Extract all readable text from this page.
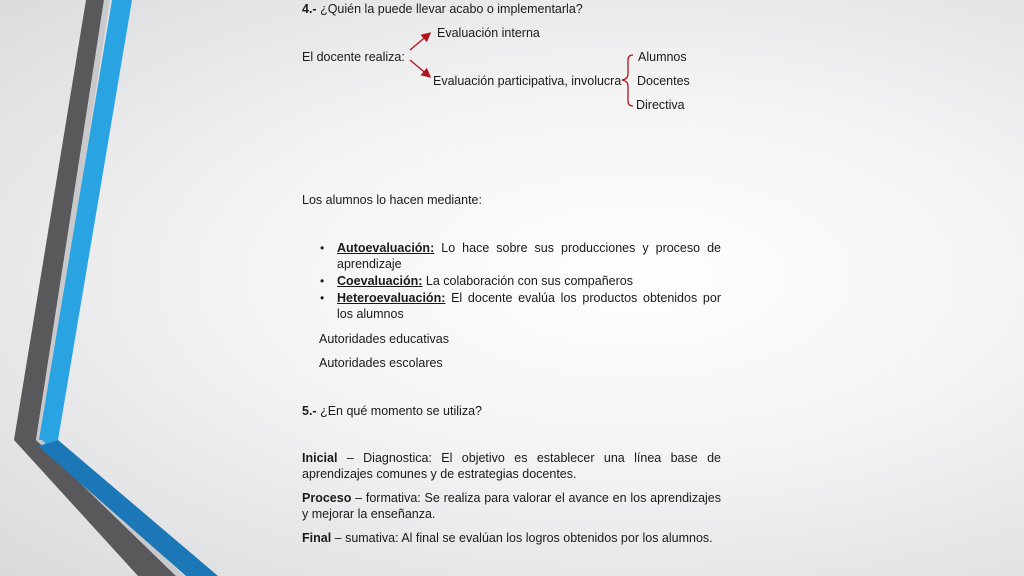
4.- ¿Quién la puede llevar acabo o implementarla?
Evaluación interna
El docente realiza:
Evaluación participativa, involucra
Alumnos
Docentes
Directiva
Los alumnos lo hacen mediante:
• Autoevaluación: Lo hace sobre sus producciones y proceso de aprendizaje
• Coevaluación: La colaboración con sus compañeros
• Heteroevaluación: El docente evalúa los productos obtenidos por los alumnos
Autoridades educativas
Autoridades escolares
5.- ¿En qué momento se utiliza?
Inicial – Diagnostica: El objetivo es establecer una línea base de aprendizajes comunes y de estrategias docentes.
Proceso – formativa: Se realiza para valorar el avance en los aprendizajes y mejorar la enseñanza.
Final – sumativa: Al final se evalúan los logros obtenidos por los alumnos.
